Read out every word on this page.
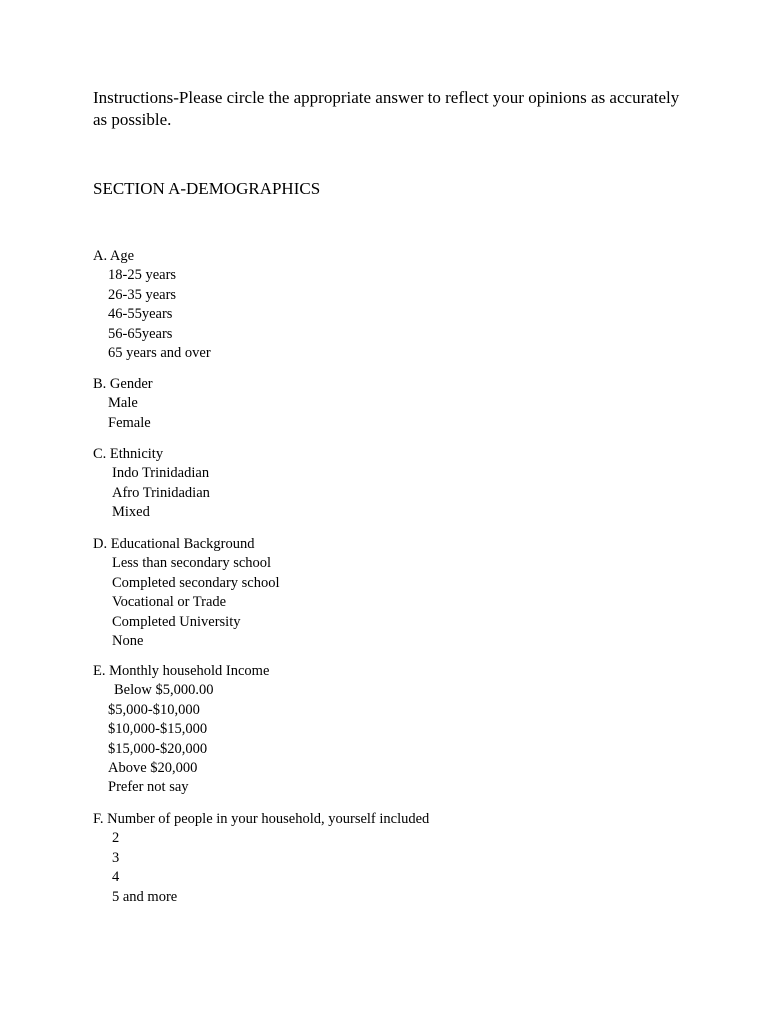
Instructions-Please circle the appropriate answer to reflect your opinions as accurately as possible.

SECTION A-DEMOGRAPHICS
A. Age
18-25 years
26-35 years
46-55years
56-65years
65 years and over
B. Gender
Male
Female
C. Ethnicity
Indo Trinidadian
Afro Trinidadian
Mixed
D. Educational Background
Less than secondary school
Completed secondary school
Vocational or Trade
Completed University
None
E. Monthly household Income
Below $5,000.00
$5,000-$10,000
$10,000-$15,000
$15,000-$20,000
Above $20,000
Prefer not say
F. Number of people in your household, yourself included
2
3
4
5 and more
